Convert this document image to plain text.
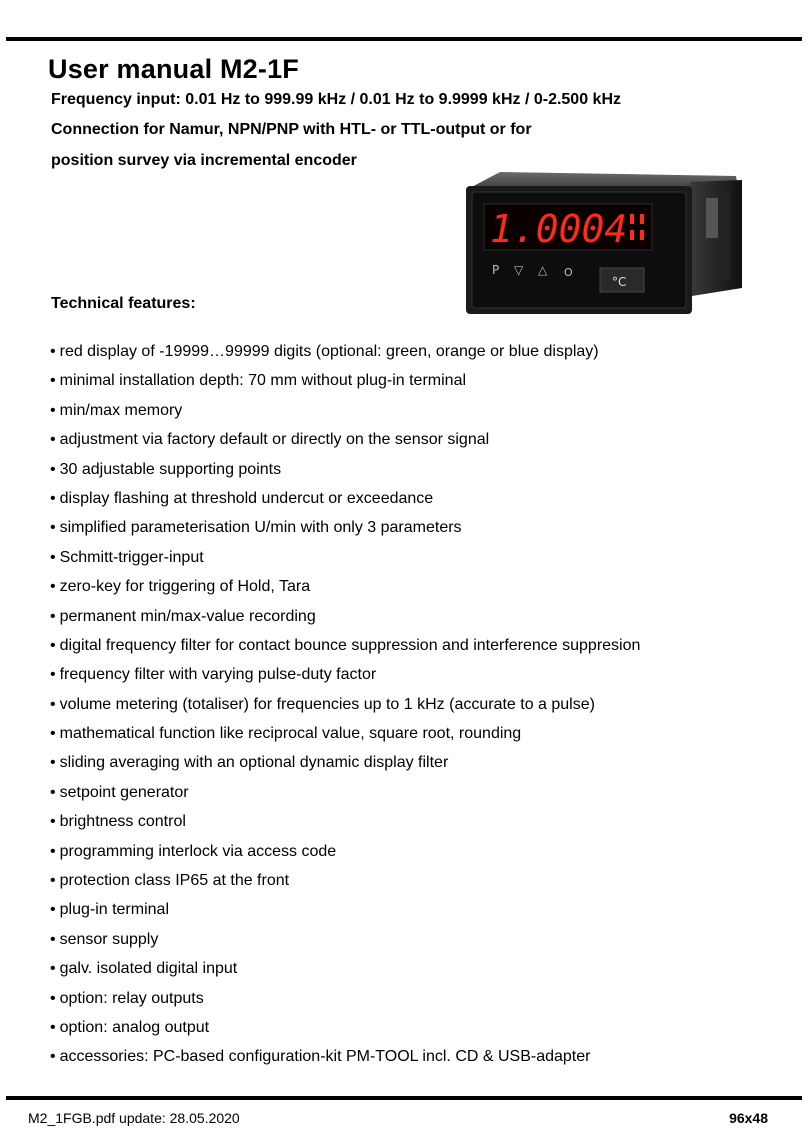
User manual M2-1F
Frequency input: 0.01 Hz to 999.99 kHz / 0.01 Hz to 9.9999 kHz / 0-2.500 kHz
Connection for Namur, NPN/PNP with HTL- or TTL-output or for
position survey via incremental encoder
1.0004
P ▽ △ O
°C
Technical features:
• red display of -19999…99999 digits (optional: green, orange or blue display)
• minimal installation depth: 70 mm without plug-in terminal
• min/max memory
• adjustment via factory default or directly on the sensor signal
• 30 adjustable supporting points
• display flashing at threshold undercut or exceedance
• simplified parameterisation U/min with only 3 parameters
• Schmitt-trigger-input
• zero-key for triggering of Hold, Tara
• permanent min/max-value recording
• digital frequency filter for contact bounce suppression and interference suppresion
• frequency filter with varying pulse-duty factor
• volume metering (totaliser) for frequencies up to 1 kHz (accurate to a pulse)
• mathematical function like reciprocal value, square root, rounding
• sliding averaging with an optional dynamic display filter
• setpoint generator
• brightness control
• programming interlock via access code
• protection class IP65 at the front
• plug-in terminal
• sensor supply
• galv. isolated digital input
• option: relay outputs
• option: analog output
• accessories: PC-based configuration-kit PM-TOOL incl. CD & USB-adapter
M2_1FGB.pdf update: 28.05.2020	96x48
